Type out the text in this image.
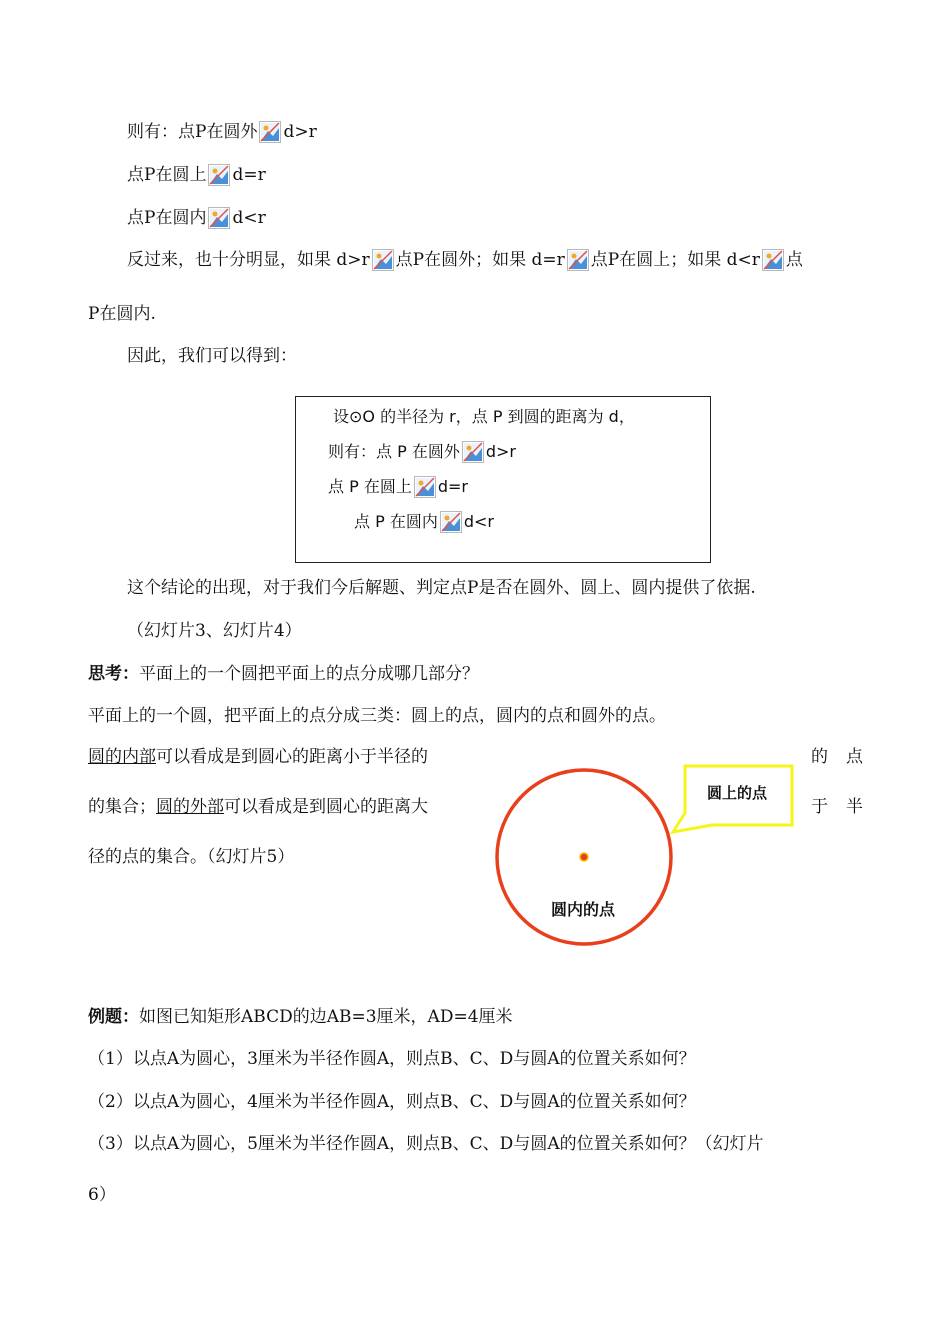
则有：点P在圆外 d>r
点P在圆上 d=r
点P在圆内 d<r
反过来，也十分明显，如果 d>r 点P在圆外；如果 d=r 点P在圆上；如果 d<r 点
P在圆内.
因此，我们可以得到：
设⊙O 的半径为 r，点 P 到圆的距离为 d，
则有：点 P 在圆外 d>r
点 P 在圆上 d=r
点 P 在圆内 d<r
这个结论的出现，对于我们今后解题、判定点P是否在圆外、圆上、圆内提供了依据.
（幻灯片3、幻灯片4）
思考：平面上的一个圆把平面上的点分成哪几部分？
平面上的一个圆，把平面上的点分成三类：圆上的点，圆内的点和圆外的点。
圆的内部可以看成是到圆心的距离小于半径的	的 点
的集合；圆的外部可以看成是到圆心的距离大	于 半
径的点的集合。（幻灯片5）
圆上的点
圆内的点
例题：如图已知矩形ABCD的边AB=3厘米，AD=4厘米
（1）以点A为圆心，3厘米为半径作圆A，则点B、C、D与圆A的位置关系如何？
（2）以点A为圆心，4厘米为半径作圆A，则点B、C、D与圆A的位置关系如何？
（3）以点A为圆心，5厘米为半径作圆A，则点B、C、D与圆A的位置关系如何？（幻灯片
6）
